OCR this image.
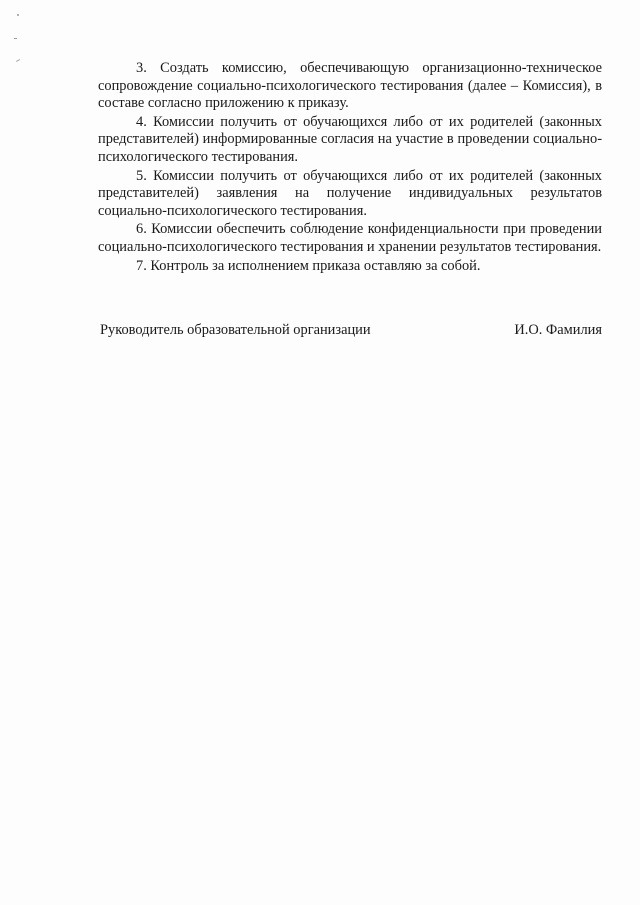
3. Создать комиссию, обеспечивающую организационно-техническое сопровождение социально-психологического тестирования (далее – Комиссия), в составе согласно приложению к приказу.

4. Комиссии получить от обучающихся либо от их родителей (законных представителей) информированные согласия на участие в проведении социально-психологического тестирования.

5. Комиссии получить от обучающихся либо от их родителей (законных представителей) заявления на получение индивидуальных результатов социально-психологического тестирования.

6. Комиссии обеспечить соблюдение конфиденциальности при проведении социально-психологического тестирования и хранении результатов тестирования.

7. Контроль за исполнением приказа оставляю за собой.

Руководитель образовательной организации	И.О. Фамилия
